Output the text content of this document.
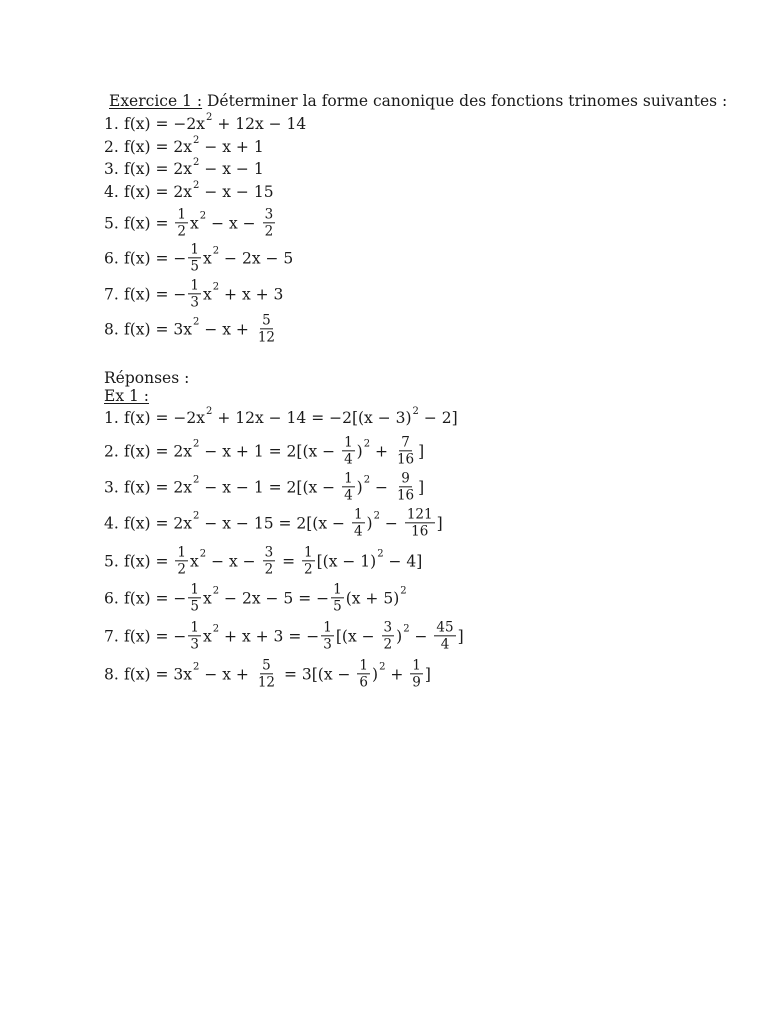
Exercice 1 : Déterminer la forme canonique des fonctions trinomes suivantes :
1. $f(x) = -2x^2 + 12x - 14$
2. $f(x) = 2x^2 - x + 1$
3. $f(x) = 2x^2 - x - 1$
4. $f(x) = 2x^2 - x - 15$
5. $f(x) = \frac{1}{2} x^2 - x - \frac{3}{2}$
6. f(x) = − $\frac{1}{5} x^2 - 2x - 5$
7. f(x) = − $\frac{1}{3} x^2 + x + 3$
8. $f(x) = 3x^2 - x + \frac{5}{12}$
Réponses :
Ex 1 :
1. $f(x) = -2x^2 + 12x - 14 = -2[(x - 3)^2 - 2]$
2. $f(x) = 2x^2 - x + 1 = 2[(x - \frac{1}{4} )^2 + \frac{7}{16}$ ]
3. $f(x) = 2x^2 - x - 1 = 2[(x - \frac{1}{4} )^2 - \frac{9}{16}$ ]
4. $f(x) = 2x^2 - x - 15 = 2[(x - \frac{1}{4} )^2 - \frac{121}{16}$ ]
5. $f(x) = \frac{1}{2} x^2 - x - \frac{3}{2} = \frac{1}{2} [(x - 1)^2 - 4]$
6. f(x) = − $\frac{1}{5} x^2 - 2x - 5$ = − $\frac{1}{5} (x + 5)^2$
7. f(x) = − $\frac{1}{3} x^2 + x + 3$ = − $\frac{1}{3} [(x - \frac{3}{2} )^2 - \frac{45}{4}$ ]
8. $f(x) = 3x^2 - x + \frac{5}{12} = 3[(x - \frac{1}{6} )^2 + \frac{1}{9}$ ]
